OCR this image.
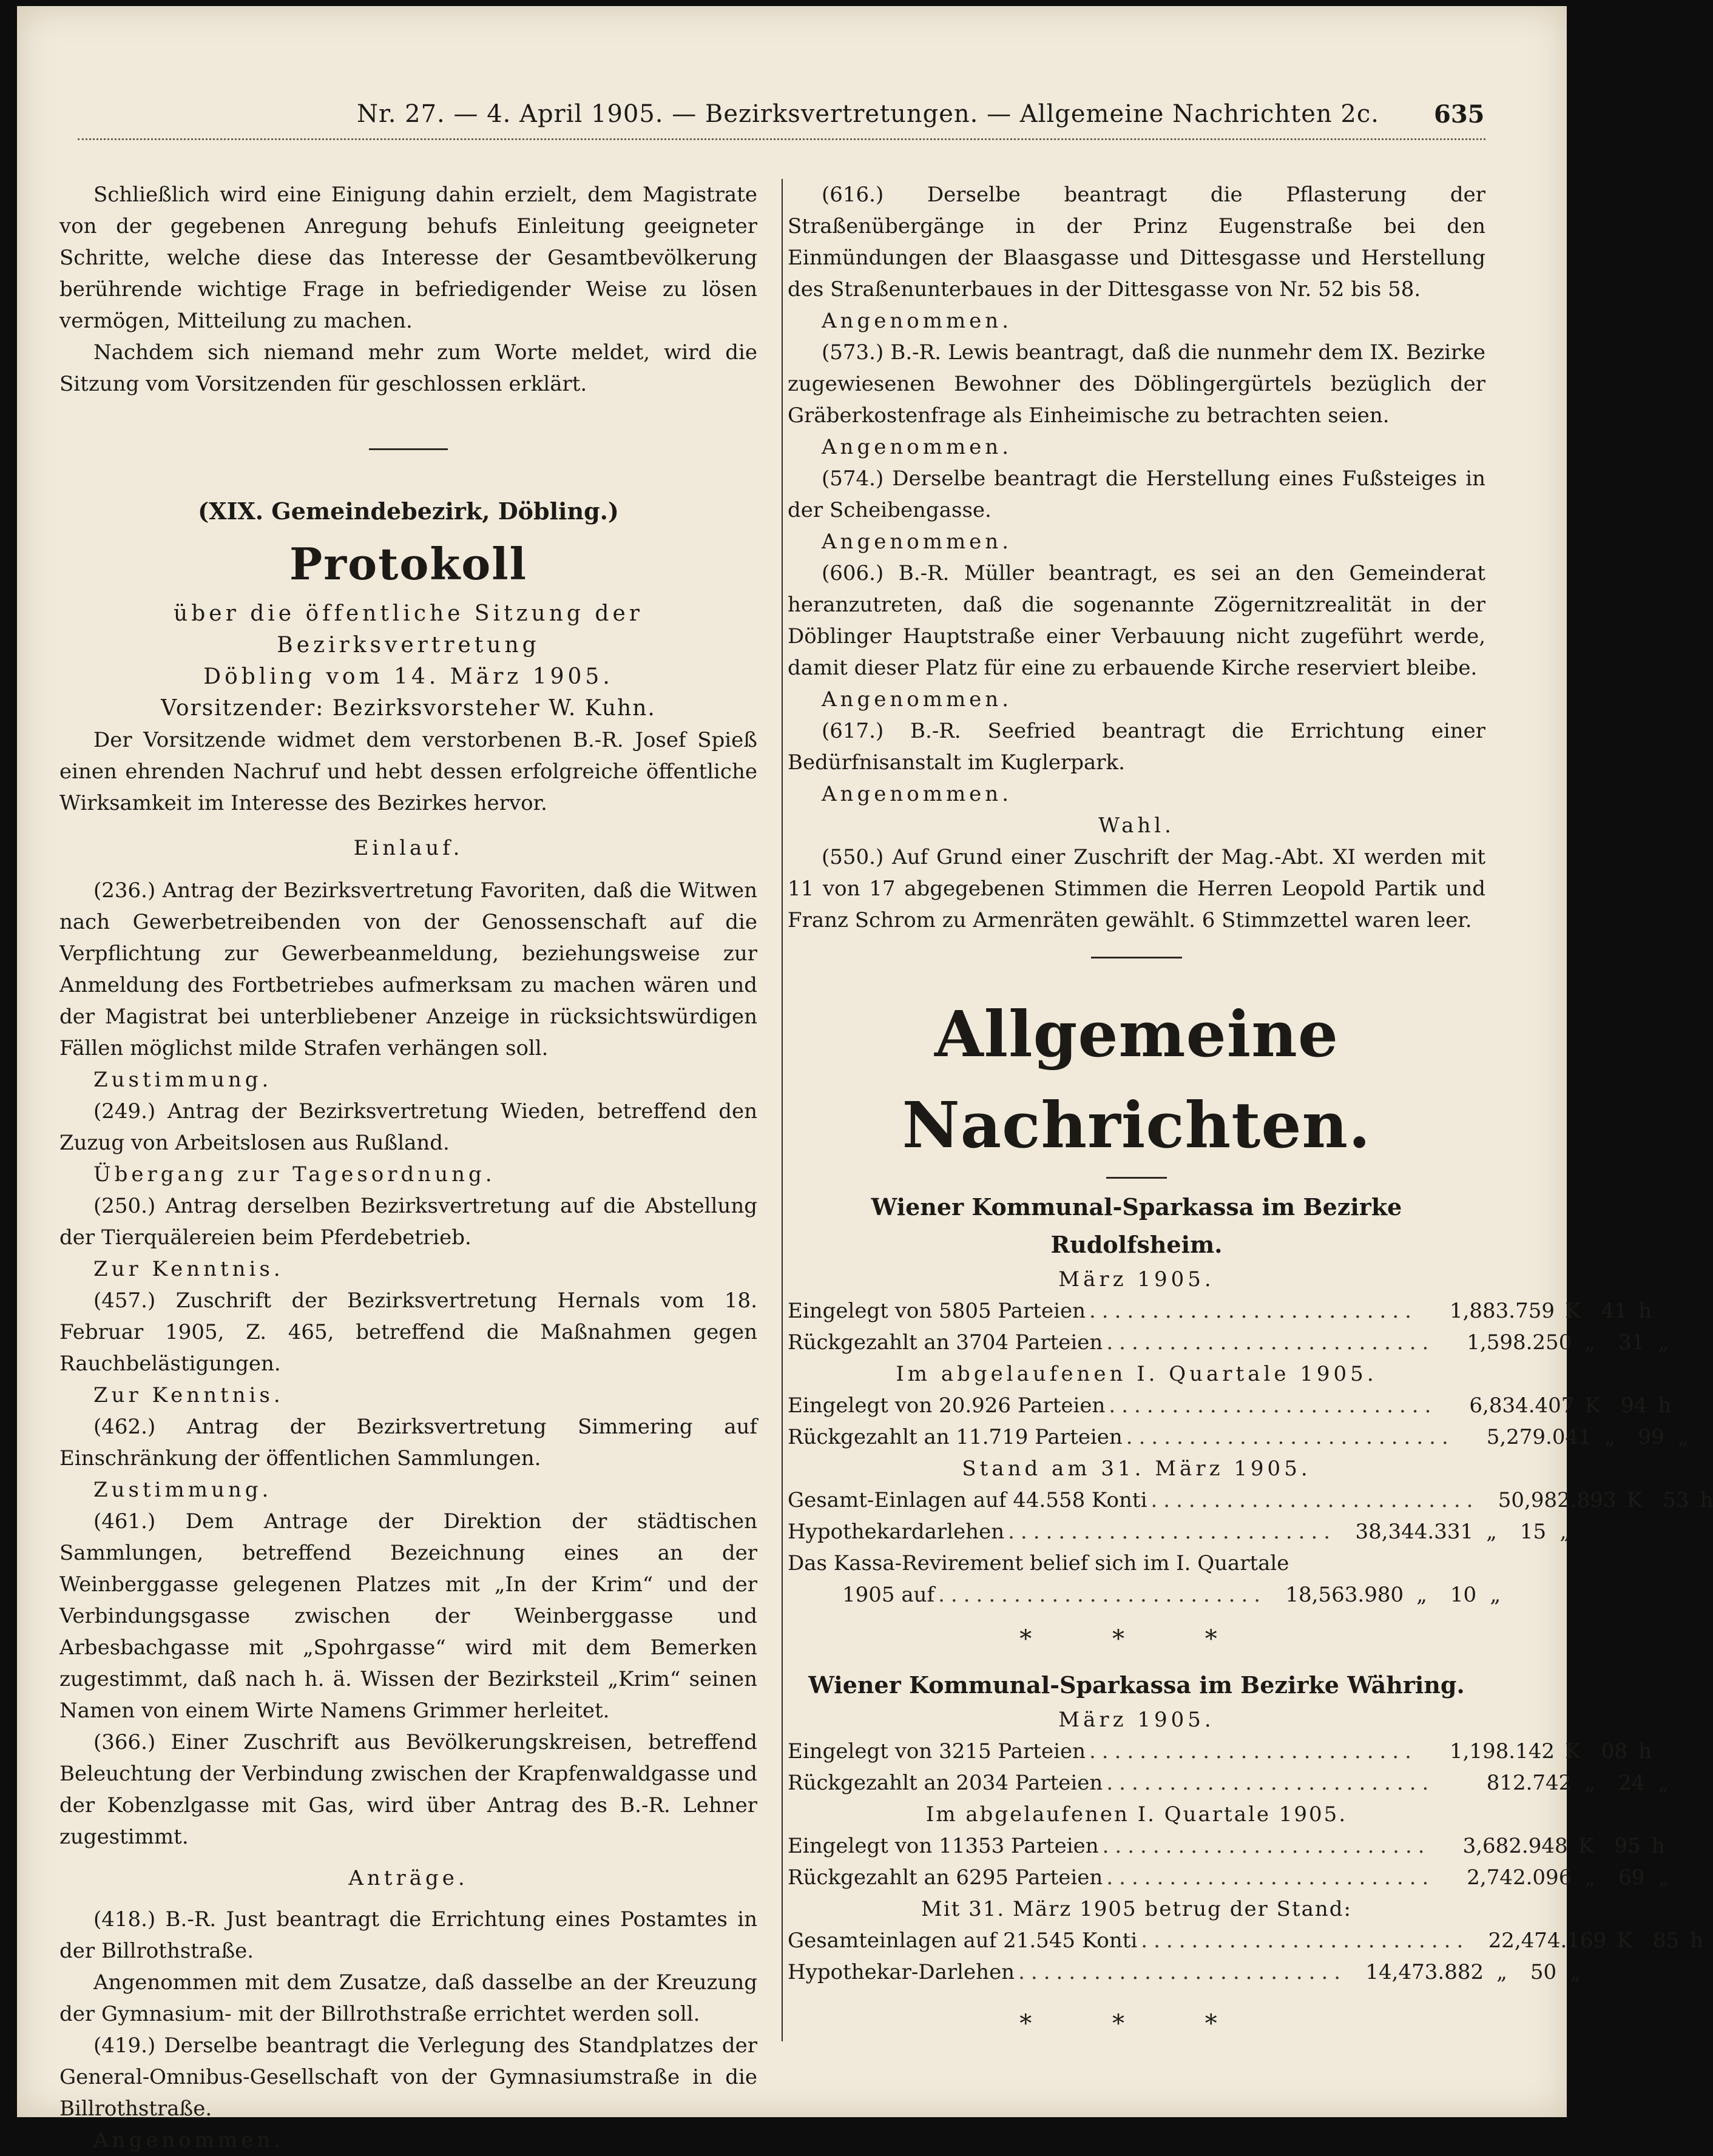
Nr. 27. — 4. April 1905. — Bezirksvertretungen. — Allgemeine Nachrichten 2c.	635

Schließlich wird eine Einigung dahin erzielt, dem Magistrate von der gegebenen Anregung behufs Einleitung geeigneter Schritte, welche diese das Interesse der Gesamtbevölkerung berührende wichtige Frage in befriedigender Weise zu lösen vermögen, Mitteilung zu machen.

Nachdem sich niemand mehr zum Worte meldet, wird die Sitzung vom Vorsitzenden für geschlossen erklärt.

(XIX. Gemeindebezirk, Döbling.)
Protokoll

über die öffentliche Sitzung der Bezirksvertretung

Döbling vom 14. März 1905.

Vorsitzender: Bezirksvorsteher W. Kuhn.

Der Vorsitzende widmet dem verstorbenen B.-R. Josef Spieß einen ehrenden Nachruf und hebt dessen erfolgreiche öffentliche Wirksamkeit im Interesse des Bezirkes hervor.

Einlauf.

(236.) Antrag der Bezirksvertretung Favoriten, daß die Witwen nach Gewerbetreibenden von der Genossenschaft auf die Verpflichtung zur Gewerbeanmeldung, beziehungsweise zur Anmeldung des Fortbetriebes aufmerksam zu machen wären und der Magistrat bei unterbliebener Anzeige in rücksichtswürdigen Fällen möglichst milde Strafen verhängen soll.

Zustimmung.

(249.) Antrag der Bezirksvertretung Wieden, betreffend den Zuzug von Arbeitslosen aus Rußland.

Übergang zur Tagesordnung.

(250.) Antrag derselben Bezirksvertretung auf die Abstellung der Tierquälereien beim Pferdebetrieb.

Zur Kenntnis.

(457.) Zuschrift der Bezirksvertretung Hernals vom 18. Februar 1905, Z. 465, betreffend die Maßnahmen gegen Rauchbelästigungen.

Zur Kenntnis.

(462.) Antrag der Bezirksvertretung Simmering auf Einschränkung der öffentlichen Sammlungen.

Zustimmung.

(461.) Dem Antrage der Direktion der städtischen Sammlungen, betreffend Bezeichnung eines an der Weinberggasse gelegenen Platzes mit „In der Krim“ und der Verbindungsgasse zwischen der Weinberggasse und Arbesbachgasse mit „Spohrgasse“ wird mit dem Bemerken zugestimmt, daß nach h. ä. Wissen der Bezirksteil „Krim“ seinen Namen von einem Wirte Namens Grimmer herleitet.

(366.) Einer Zuschrift aus Bevölkerungskreisen, betreffend Beleuchtung der Verbindung zwischen der Krapfenwaldgasse und der Kobenzlgasse mit Gas, wird über Antrag des B.-R. Lehner zugestimmt.

Anträge.

(418.) B.-R. Just beantragt die Errichtung eines Postamtes in der Billrothstraße.

Angenommen mit dem Zusatze, daß dasselbe an der Kreuzung der Gymnasium- mit der Billrothstraße errichtet werden soll.

(419.) Derselbe beantragt die Verlegung des Standplatzes der General-Omnibus-Gesellschaft von der Gymnasiumstraße in die Billrothstraße.

Angenommen.

(616.) Derselbe beantragt die Pflasterung der Straßenübergänge in der Prinz Eugenstraße bei den Einmündungen der Blaasgasse und Dittesgasse und Herstellung des Straßenunterbaues in der Dittesgasse von Nr. 52 bis 58.

Angenommen.

(573.) B.-R. Lewis beantragt, daß die nunmehr dem IX. Bezirke zugewiesenen Bewohner des Döblingergürtels bezüglich der Gräberkostenfrage als Einheimische zu betrachten seien.

Angenommen.

(574.) Derselbe beantragt die Herstellung eines Fußsteiges in der Scheibengasse.

Angenommen.

(606.) B.-R. Müller beantragt, es sei an den Gemeinderat heranzutreten, daß die sogenannte Zögernitzrealität in der Döblinger Hauptstraße einer Verbauung nicht zugeführt werde, damit dieser Platz für eine zu erbauende Kirche reserviert bleibe.

Angenommen.

(617.) B.-R. Seefried beantragt die Errichtung einer Bedürfnisanstalt im Kuglerpark.

Angenommen.

Wahl.

(550.) Auf Grund einer Zuschrift der Mag.-Abt. XI werden mit 11 von 17 abgegebenen Stimmen die Herren Leopold Partik und Franz Schrom zu Armenräten gewählt. 6 Stimmzettel waren leer.

Allgemeine Nachrichten.
Wiener Kommunal-Sparkassa im Bezirke Rudolfsheim.

März 1905.

Eingelegt von 5805 Parteien ..........................	1,883.759 K	41 h
Rückgezahlt an 3704 Parteien ..........................	1,598.250 „	31 „

Im abgelaufenen I. Quartale 1905.

Eingelegt von 20.926 Parteien ..........................	6,834.407 K	94 h
Rückgezahlt an 11.719 Parteien ..........................	5,279.041 „	99 „

Stand am 31. März 1905.

Gesamt-Einlagen auf 44.558 Konti .......................... 50,982.893 K	53 h
Hypothekardarlehen .......................... 38,344.331 „	15 „

Das Kassa-Revirement belief sich im I. Quartale

1905 auf .......................... 18,563.980 „	10 „
* * *
Wiener Kommunal-Sparkassa im Bezirke Währing.

März 1905.

Eingelegt von 3215 Parteien ..........................	1,198.142 K	08 h
Rückgezahlt an 2034 Parteien ..........................	812.742 „	24 „

Im abgelaufenen I. Quartale 1905.

Eingelegt von 11353 Parteien ..........................	3,682.948 K	95 h
Rückgezahlt an 6295 Parteien ..........................	2,742.096 „	69 „

Mit 31. März 1905 betrug der Stand:

Gesamteinlagen auf 21.545 Konti .......................... 22,474.169 K	85 h
Hypothekar-Darlehen .......................... 14,473.882 „	50 „
* * *
